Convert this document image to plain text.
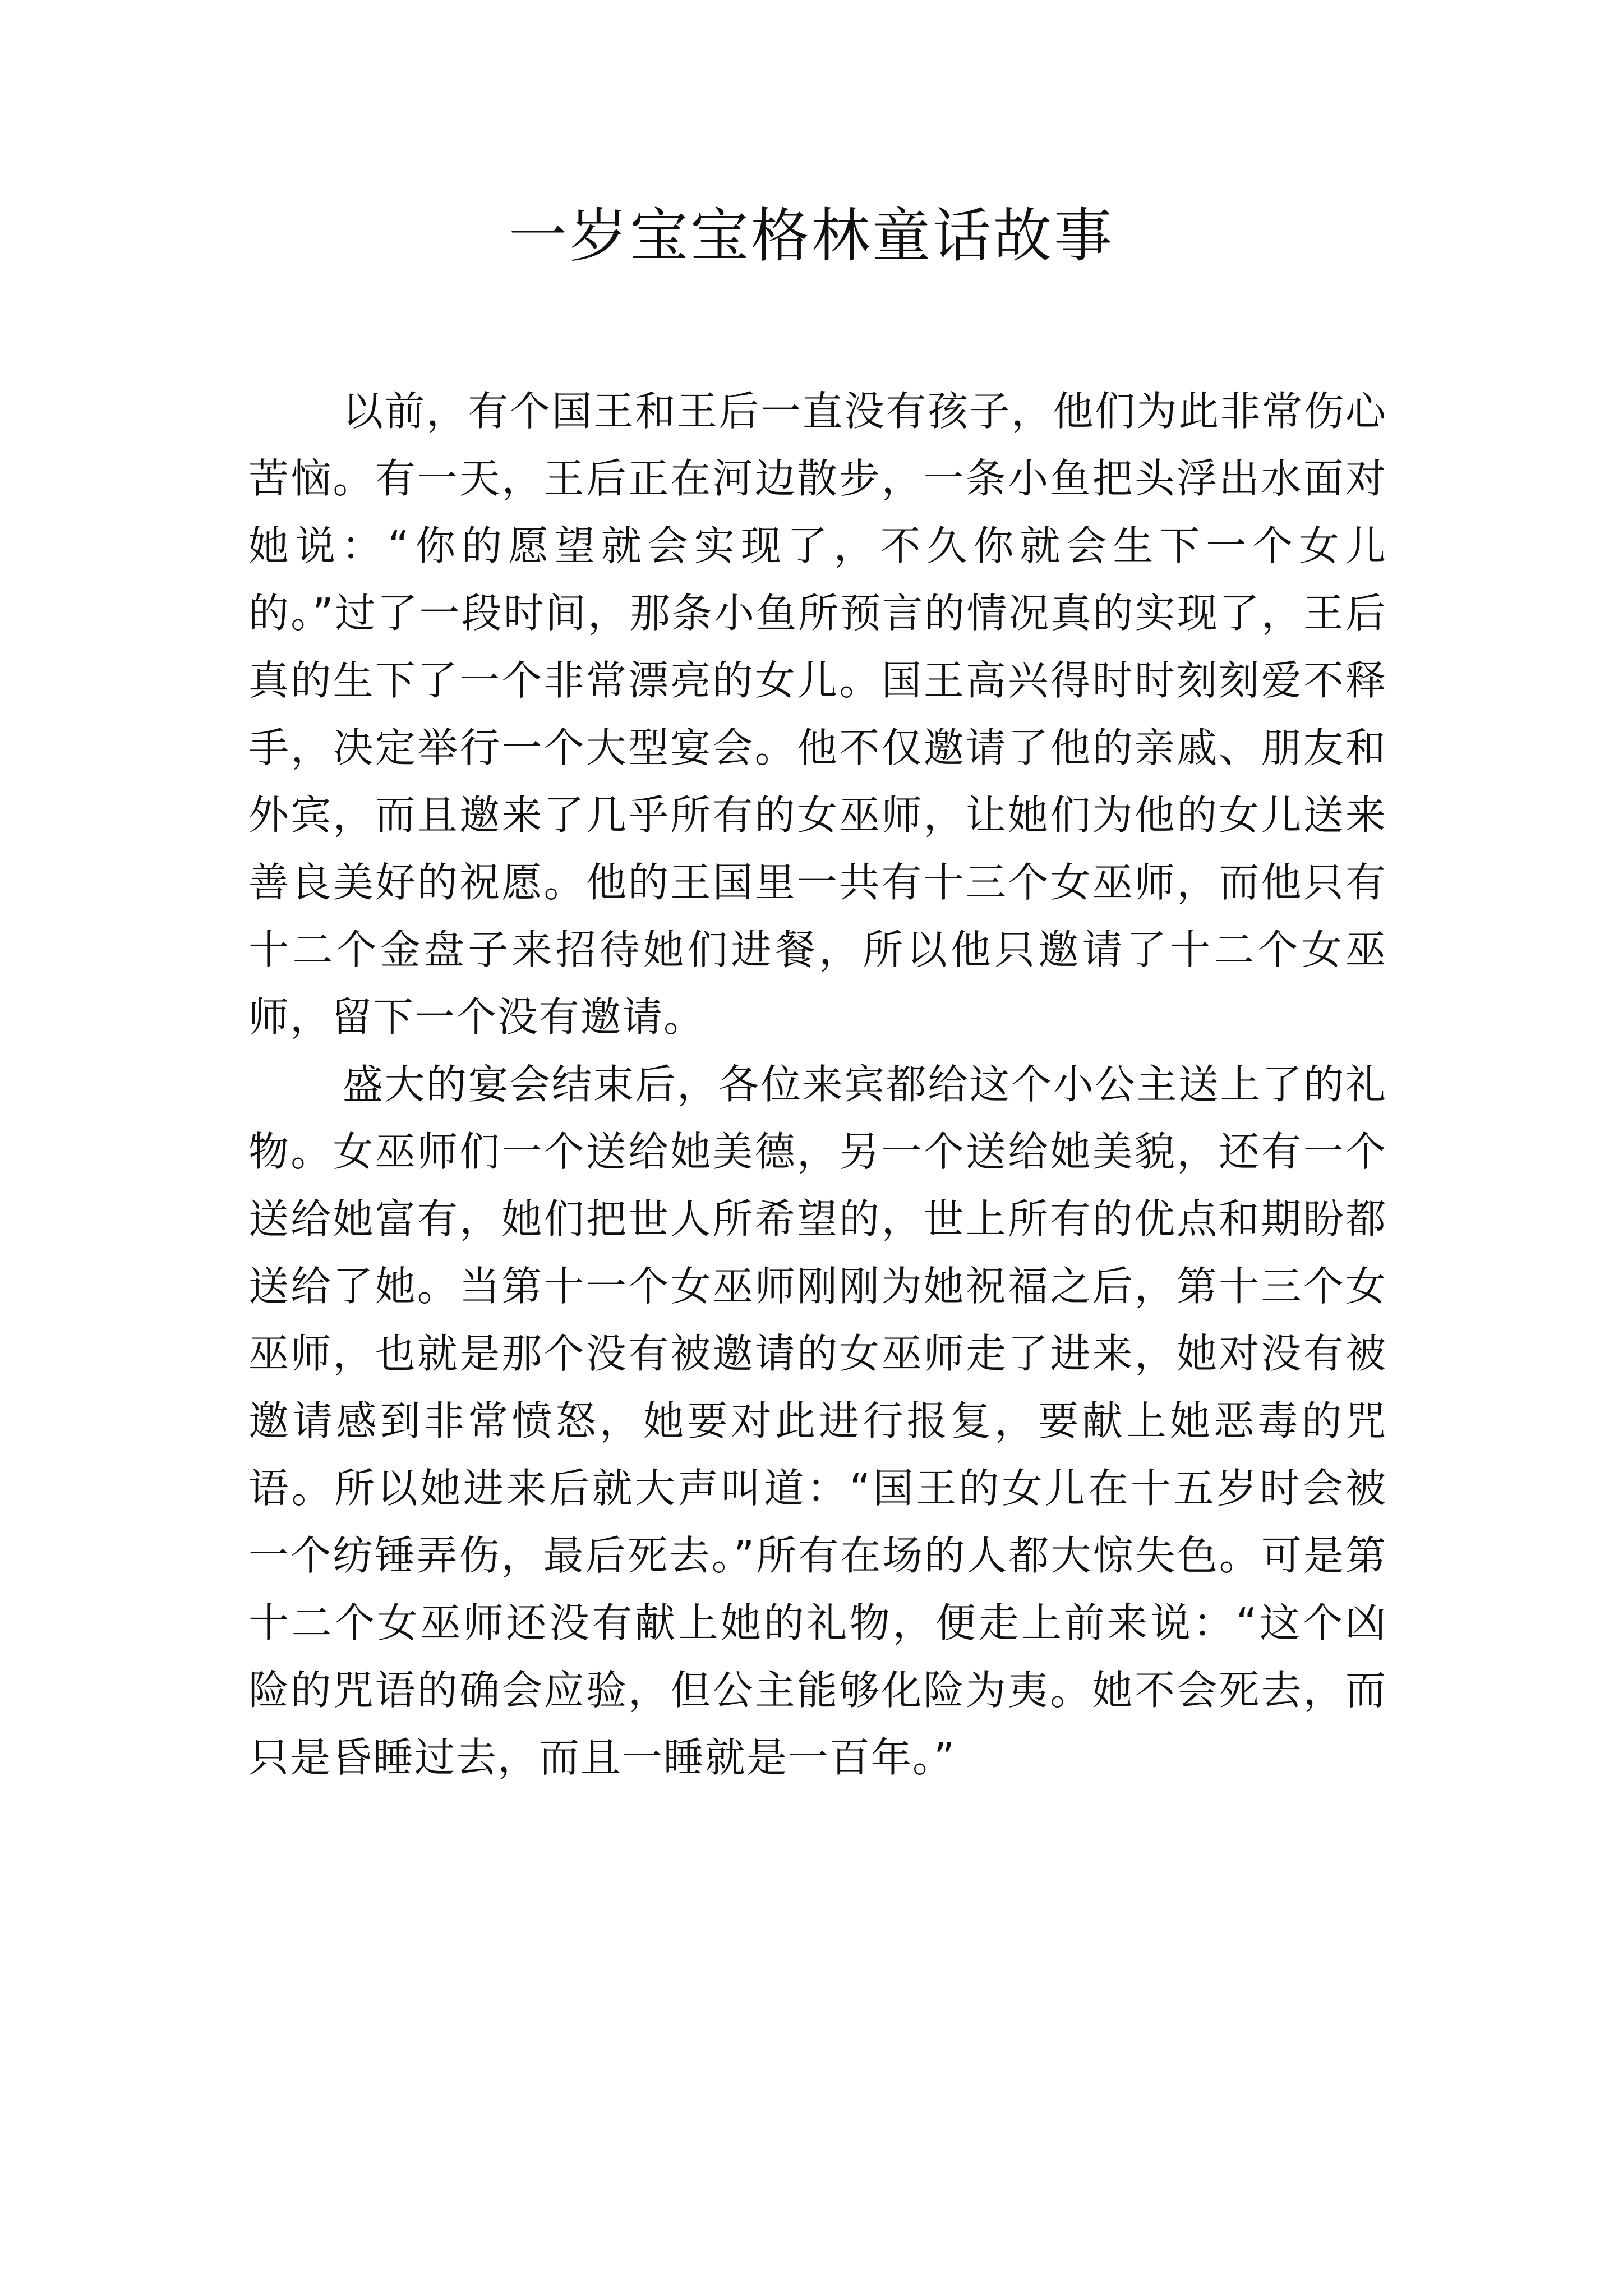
一岁宝宝格林童话故事

以前，有个国王和王后一直没有孩子，他们为此非常伤心苦恼。有一天，王后正在河边散步，一条小鱼把头浮出水面对她说：“你的愿望就会实现了，不久你就会生下一个女儿的。”过了一段时间，那条小鱼所预言的情况真的实现了，王后真的生下了一个非常漂亮的女儿。国王高兴得时时刻刻爱不释手，决定举行一个大型宴会。他不仅邀请了他的亲戚、朋友和外宾，而且邀来了几乎所有的女巫师，让她们为他的女儿送来善良美好的祝愿。他的王国里一共有十三个女巫师，而他只有十二个金盘子来招待她们进餐，所以他只邀请了十二个女巫师，留下一个没有邀请。

盛大的宴会结束后，各位来宾都给这个小公主送上了的礼物。女巫师们一个送给她美德，另一个送给她美貌，还有一个送给她富有，她们把世人所希望的，世上所有的优点和期盼都送给了她。当第十一个女巫师刚刚为她祝福之后，第十三个女巫师，也就是那个没有被邀请的女巫师走了进来，她对没有被邀请感到非常愤怒，她要对此进行报复，要献上她恶毒的咒语。所以她进来后就大声叫道：“国王的女儿在十五岁时会被一个纺锤弄伤，最后死去。”所有在场的人都大惊失色。可是第十二个女巫师还没有献上她的礼物，便走上前来说：“这个凶险的咒语的确会应验，但公主能够化险为夷。她不会死去，而只是昏睡过去，而且一睡就是一百年。”
